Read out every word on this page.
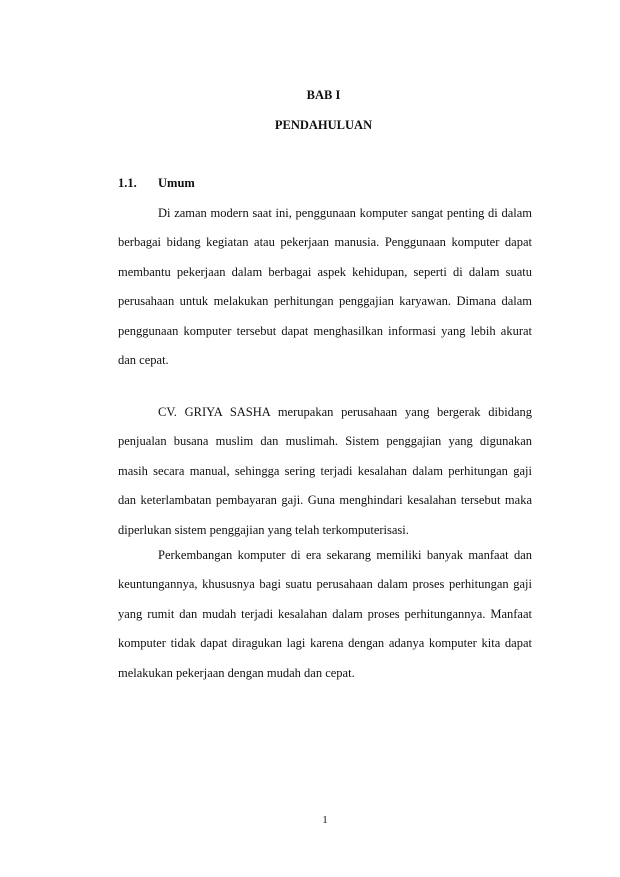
BAB I
PENDAHULUAN
1.1. Umum

Di zaman modern saat ini, penggunaan komputer sangat penting di dalam berbagai bidang kegiatan atau pekerjaan manusia. Penggunaan komputer dapat membantu pekerjaan dalam berbagai aspek kehidupan, seperti di dalam suatu perusahaan untuk melakukan perhitungan penggajian karyawan. Dimana dalam penggunaan komputer tersebut dapat menghasilkan informasi yang lebih akurat dan cepat.

CV. GRIYA SASHA merupakan perusahaan yang bergerak dibidang penjualan busana muslim dan muslimah. Sistem penggajian yang digunakan masih secara manual, sehingga sering terjadi kesalahan dalam perhitungan gaji dan keterlambatan pembayaran gaji. Guna menghindari kesalahan tersebut maka diperlukan sistem penggajian yang telah terkomputerisasi.

Perkembangan komputer di era sekarang memiliki banyak manfaat dan keuntungannya, khususnya bagi suatu perusahaan dalam proses perhitungan gaji yang rumit dan mudah terjadi kesalahan dalam proses perhitungannya. Manfaat komputer tidak dapat diragukan lagi karena dengan adanya komputer kita dapat melakukan pekerjaan dengan mudah dan cepat.

1
